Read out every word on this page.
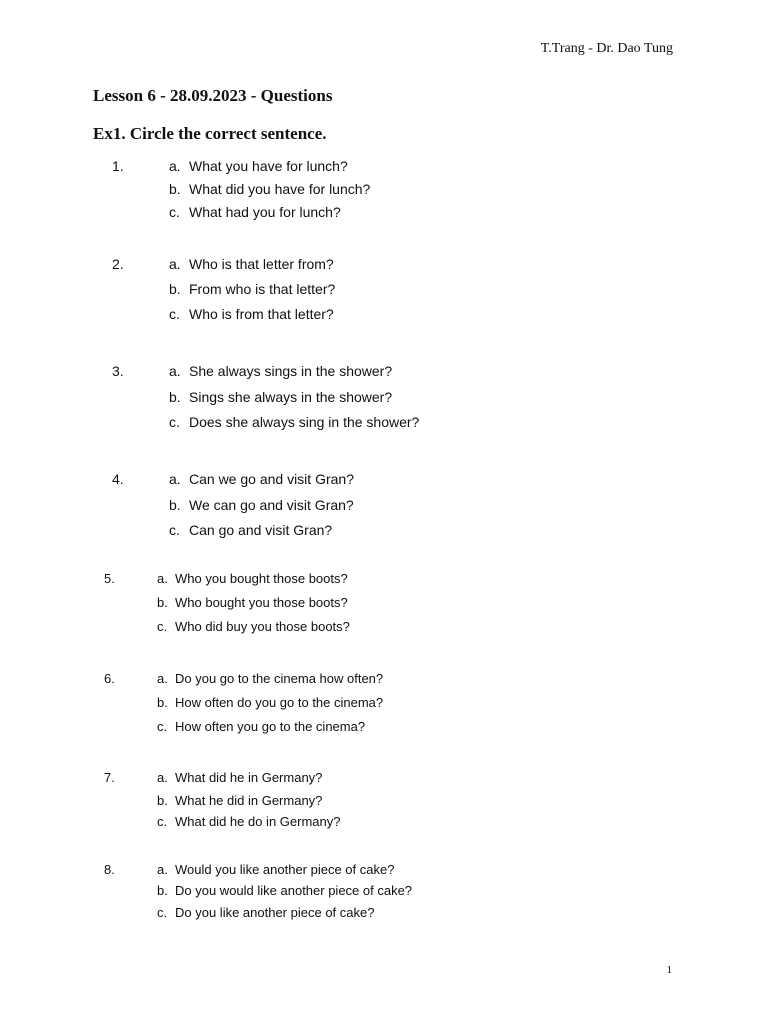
T.Trang - Dr. Dao Tung
Lesson 6 - 28.09.2023 - Questions
Ex1. Circle the correct sentence.
1.	a. What you have for lunch?
b. What did you have for lunch?
c. What had you for lunch?
2.	a. Who is that letter from?
b. From who is that letter?
c. Who is from that letter?
3.	a. She always sings in the shower?
b. Sings she always in the shower?
c. Does she always sing in the shower?
4.	a. Can we go and visit Gran?
b. We can go and visit Gran?
c. Can go and visit Gran?
5.	a. Who you bought those boots?
b. Who bought you those boots?
c. Who did buy you those boots?
6.	a. Do you go to the cinema how often?
b. How often do you go to the cinema?
c. How often you go to the cinema?
7.	a. What did he in Germany?
b. What he did in Germany?
c. What did he do in Germany?
8.	a. Would you like another piece of cake?
b. Do you would like another piece of cake?
c. Do you like another piece of cake?
1
